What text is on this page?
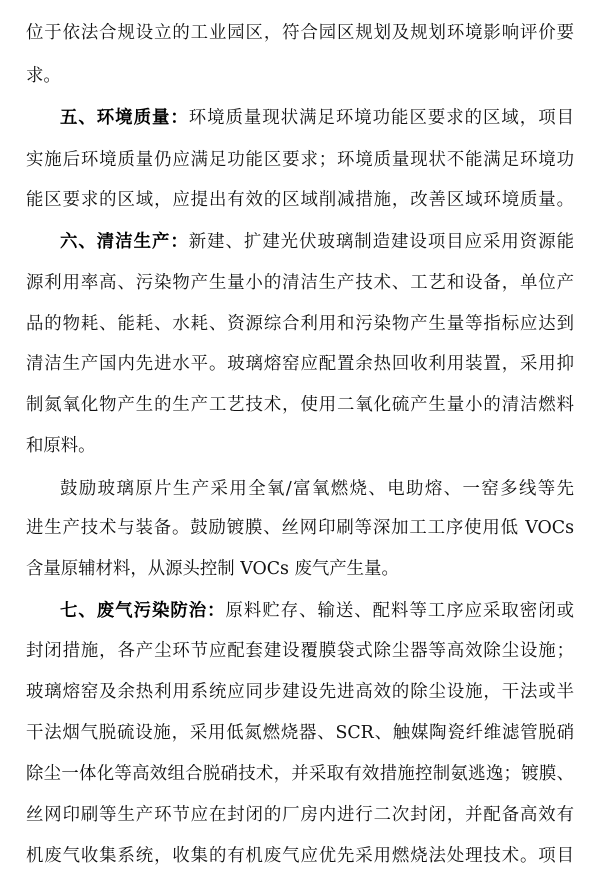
位于依法合规设立的工业园区，符合园区规划及规划环境影响评价要
求。
五、环境质量：环境质量现状满足环境功能区要求的区域，项目
实施后环境质量仍应满足功能区要求；环境质量现状不能满足环境功
能区要求的区域，应提出有效的区域削减措施，改善区域环境质量。
六、清洁生产：新建、扩建光伏玻璃制造建设项目应采用资源能
源利用率高、污染物产生量小的清洁生产技术、工艺和设备，单位产
品的物耗、能耗、水耗、资源综合利用和污染物产生量等指标应达到
清洁生产国内先进水平。玻璃熔窑应配置余热回收利用装置，采用抑
制氮氧化物产生的生产工艺技术，使用二氧化硫产生量小的清洁燃料
和原料。
鼓励玻璃原片生产采用全氧/富氧燃烧、电助熔、一窑多线等先
进生产技术与装备。鼓励镀膜、丝网印刷等深加工工序使用低 VOCs
含量原辅材料，从源头控制 VOCs 废气产生量。
七、废气污染防治：原料贮存、输送、配料等工序应采取密闭或
封闭措施，各产尘环节应配套建设覆膜袋式除尘器等高效除尘设施；
玻璃熔窑及余热利用系统应同步建设先进高效的除尘设施，干法或半
干法烟气脱硫设施，采用低氮燃烧器、SCR、触媒陶瓷纤维滤管脱硝
除尘一体化等高效组合脱硝技术，并采取有效措施控制氨逃逸；镀膜、
丝网印刷等生产环节应在封闭的厂房内进行二次封闭，并配备高效有
机废气收集系统，收集的有机废气应优先采用燃烧法处理技术。项目
